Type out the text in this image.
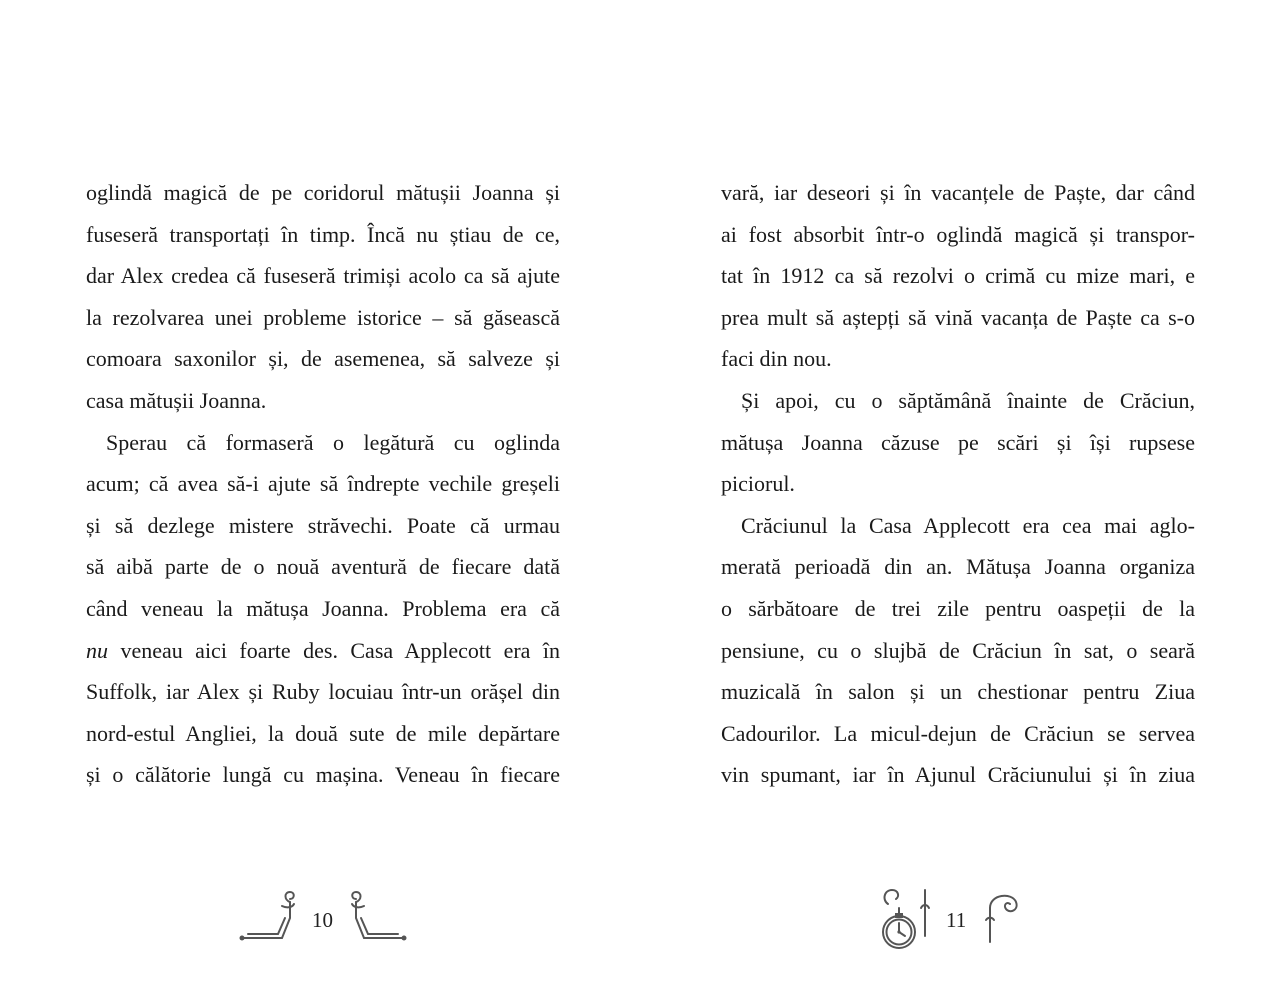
oglindă magică de pe coridorul mătușii Joanna și
fuseseră transportați în timp. Încă nu știau de ce,
dar Alex credea că fuseseră trimiși acolo ca să ajute
la rezolvarea unei probleme istorice – să găsească
comoara saxonilor și, de asemenea, să salveze și
casa mătușii Joanna.
Sperau că formaseră o legătură cu oglinda
acum; că avea să-i ajute să îndrepte vechile greșeli
și să dezlege mistere străvechi. Poate că urmau
să aibă parte de o nouă aventură de fiecare dată
când veneau la mătușa Joanna. Problema era că
nu veneau aici foarte des. Casa Applecott era în
Suffolk, iar Alex și Ruby locuiau într-un orășel din
nord-estul Angliei, la două sute de mile depărtare
și o călătorie lungă cu mașina. Veneau în fiecare
10
vară, iar deseori și în vacanțele de Paște, dar când
ai fost absorbit într-o oglindă magică și transpor-
tat în 1912 ca să rezolvi o crimă cu mize mari, e
prea mult să aștepți să vină vacanța de Paște ca s-o
faci din nou.
Și apoi, cu o săptămână înainte de Crăciun,
mătușa Joanna căzuse pe scări și își rupsese
piciorul.
Crăciunul la Casa Applecott era cea mai aglo-
merată perioadă din an. Mătușa Joanna organiza
o sărbătoare de trei zile pentru oaspeții de la
pensiune, cu o slujbă de Crăciun în sat, o seară
muzicală în salon și un chestionar pentru Ziua
Cadourilor. La micul-dejun de Crăciun se servea
vin spumant, iar în Ajunul Crăciunului și în ziua
11
